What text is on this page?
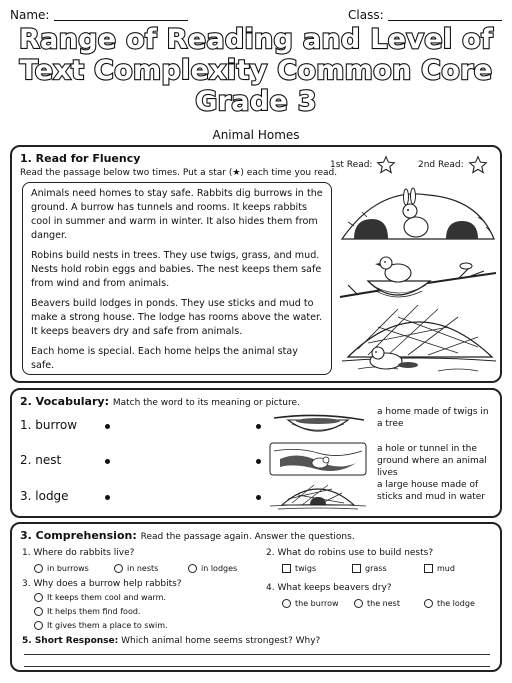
Name:	Class:
Range of Reading and Level of
Text Complexity Common Core
Grade 3
Animal Homes
1. Read for Fluency
Read the passage below two times. Put a star (★) each time you read.
1st Read:	2nd Read:

Animals need homes to stay safe. Rabbits dig burrows in the ground. A burrow has tunnels and rooms. It keeps rabbits cool in summer and warm in winter. It also hides them from danger.

Robins build nests in trees. They use twigs, grass, and mud. Nests hold robin eggs and babies. The nest keeps them safe from wind and from animals.

Beavers build lodges in ponds. They use sticks and mud to make a strong house. The lodge has rooms above the water. It keeps beavers dry and safe from animals.

Each home is special. Each home helps the animal stay safe.

2. Vocabulary: Match the word to its meaning or picture.
1. burrow
a home made of twigs in a tree
2. nest
a hole or tunnel in the ground where an animal lives
3. lodge
a large house made of sticks and mud in water
3. Comprehension: Read the passage again. Answer the questions.
1. Where do rabbits live?
in burrows	in nests	in lodges
2. What do robins use to build nests?
twigs	grass	mud
3. Why does a burrow help rabbits?
It keeps them cool and warm.
It helps them find food.
It gives them a place to swim.
4. What keeps beavers dry?
the burrow	the nest	the lodge
5. Short Response: Which animal home seems strongest? Why?
